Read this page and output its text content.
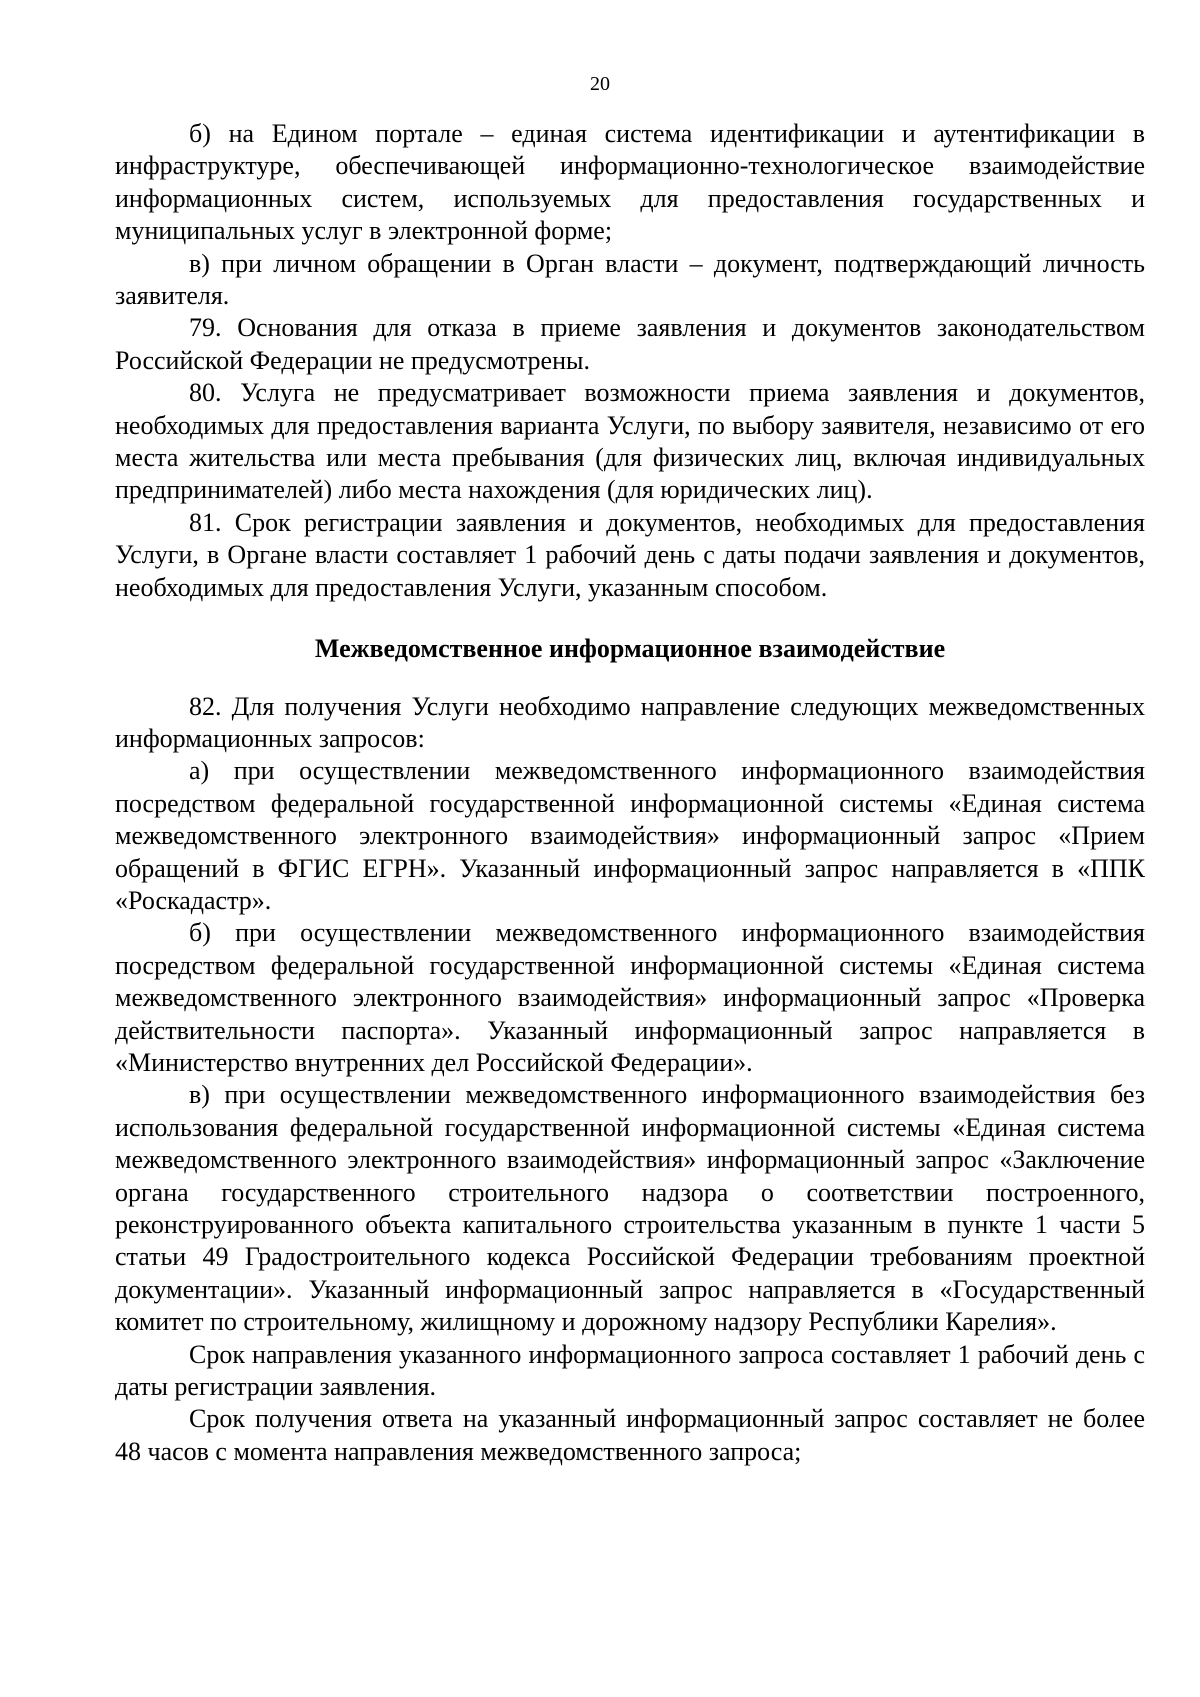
20

б) на Едином портале – единая система идентификации и аутентификации в инфраструктуре, обеспечивающей информационно-технологическое взаимодействие информационных систем, используемых для предоставления государственных и муниципальных услуг в электронной форме;

в) при личном обращении в Орган власти – документ, подтверждающий личность заявителя.

79. Основания для отказа в приеме заявления и документов законодательством Российской Федерации не предусмотрены.

80. Услуга не предусматривает возможности приема заявления и документов, необходимых для предоставления варианта Услуги, по выбору заявителя, независимо от его места жительства или места пребывания (для физических лиц, включая индивидуальных предпринимателей) либо места нахождения (для юридических лиц).

81. Срок регистрации заявления и документов, необходимых для предоставления Услуги, в Органе власти составляет 1 рабочий день с даты подачи заявления и документов, необходимых для предоставления Услуги, указанным способом.

Межведомственное информационное взаимодействие

82. Для получения Услуги необходимо направление следующих межведомственных информационных запросов:

а) при осуществлении межведомственного информационного взаимодействия посредством федеральной государственной информационной системы «Единая система межведомственного электронного взаимодействия» информационный запрос «Прием обращений в ФГИС ЕГРН». Указанный информационный запрос направляется в «ППК «Роскадастр».

б) при осуществлении межведомственного информационного взаимодействия посредством федеральной государственной информационной системы «Единая система межведомственного электронного взаимодействия» информационный запрос «Проверка действительности паспорта». Указанный информационный запрос направляется в «Министерство внутренних дел Российской Федерации».

в) при осуществлении межведомственного информационного взаимодействия без использования федеральной государственной информационной системы «Единая система межведомственного электронного взаимодействия» информационный запрос «Заключение органа государственного строительного надзора о соответствии построенного, реконструированного объекта капитального строительства указанным в пункте 1 части 5 статьи 49 Градостроительного кодекса Российской Федерации требованиям проектной документации». Указанный информационный запрос направляется в «Государственный комитет по строительному, жилищному и дорожному надзору Республики Карелия».

Срок направления указанного информационного запроса составляет 1 рабочий день с даты регистрации заявления.

Срок получения ответа на указанный информационный запрос составляет не более 48 часов с момента направления межведомственного запроса;
